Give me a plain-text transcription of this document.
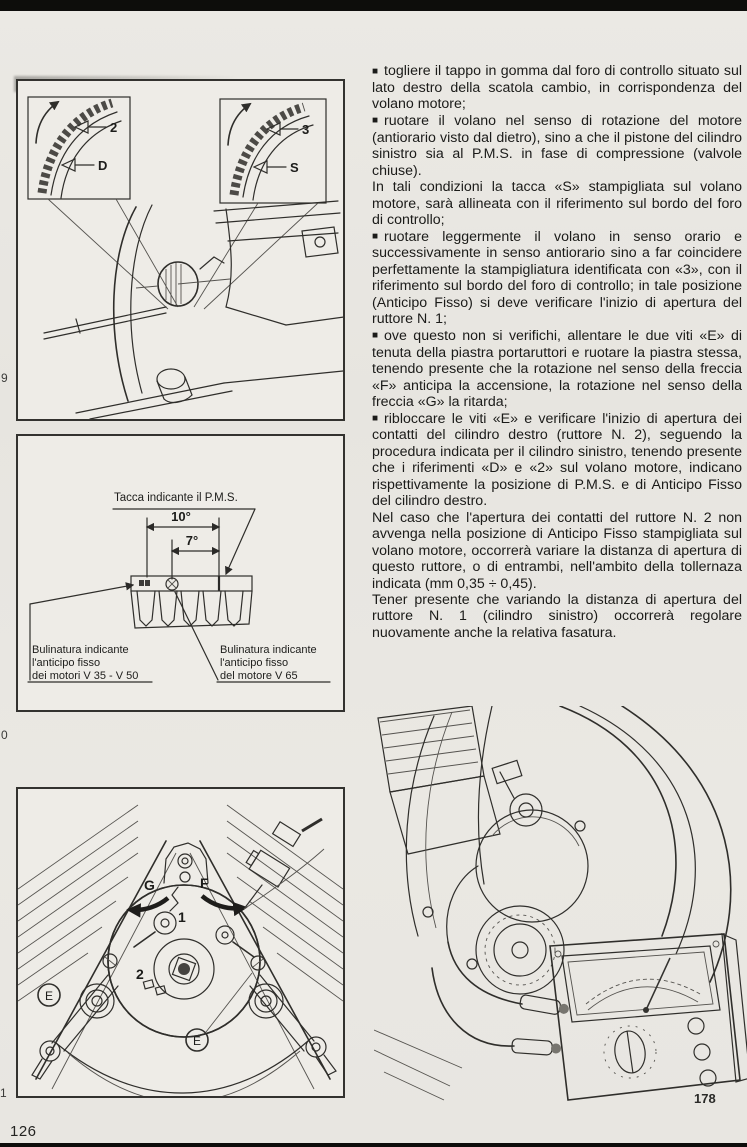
2
D
3
S
10°
7°
Tacca indicante il P.M.S.
Bulinatura indicante
l'anticipo fisso
dei motori V 35 - V 50
Bulinatura indicante
l'anticipo fisso
del motore V 65
G	F
1
2
E
E

■ togliere il tappo in gomma dal foro di controllo situato sul lato destro della scatola cambio, in corrispondenza del volano motore;

■ ruotare il volano nel senso di rotazione del motore (antiorario visto dal dietro), sino a che il pistone del cilindro sinistro sia al P.M.S. in fase di compressione (valvole chiuse).

In tali condizioni la tacca «S» stampigliata sul volano motore, sarà allineata con il riferimento sul bordo del foro di controllo;

■ ruotare leggermente il volano in senso orario e successivamente in senso antiorario sino a far coincidere perfettamente la stampigliatura identificata con «3», con il riferimento sul bordo del foro di controllo; in tale posizione (Anticipo Fisso) si deve verificare l'inizio di apertura del ruttore N. 1;

■ ove questo non si verifichi, allentare le due viti «E» di tenuta della piastra portaruttori e ruotare la piastra stessa, tenendo presente che la rotazione nel senso della freccia «F» anticipa la accensione, la rotazione nel senso della freccia «G» la ritarda;

■ ribloccare le viti «E» e verificare l'inizio di apertura dei contatti del cilindro destro (ruttore N. 2), seguendo la procedura indicata per il cilindro sinistro, tenendo presente che i riferimenti «D» e «2» sul volano motore, indicano rispettivamente la posizione di P.M.S. e di Anticipo Fisso del cilindro destro.

Nel caso che l'apertura dei contatti del ruttore N. 2 non avvenga nella posizione di Anticipo Fisso stampigliata sul volano motore, occorrerà variare la distanza di apertura di questo ruttore, o di entrambi, nell'ambito della tollernaza indicata (mm 0,35 ÷ 0,45).

Tener presente che variando la distanza di apertura del ruttore N. 1 (cilindro sinistro) occorrerà regolare nuovamente anche la relativa fasatura.

9
0
1	178
126
